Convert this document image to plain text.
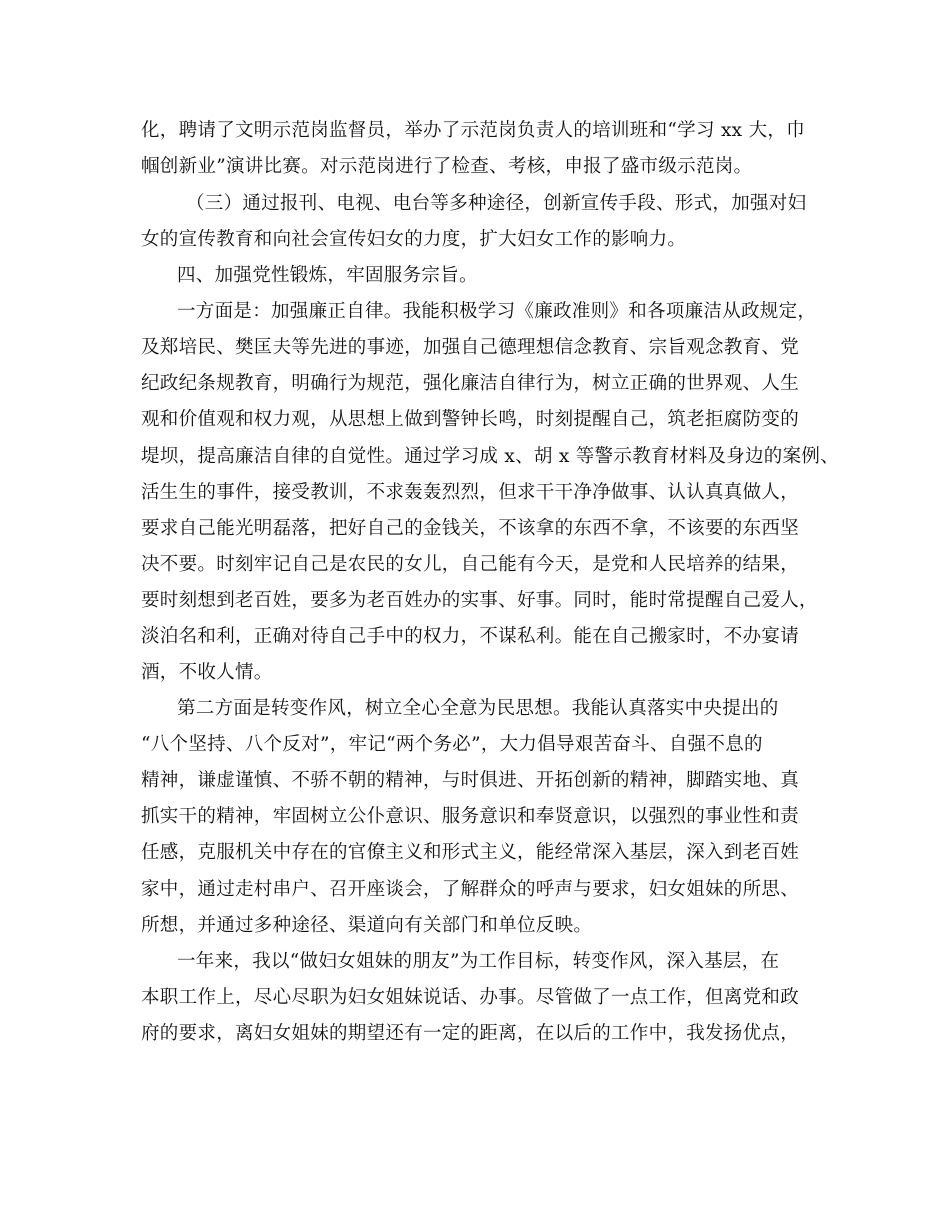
化，聘请了文明示范岗监督员，举办了示范岗负责人的培训班和“学习 xx 大，巾
帼创新业”演讲比赛。对示范岗进行了检查、考核，申报了盛市级示范岗。
（三）通过报刊、电视、电台等多种途径，创新宣传手段、形式，加强对妇
女的宣传教育和向社会宣传妇女的力度，扩大妇女工作的影响力。
四、加强党性锻炼，牢固服务宗旨。
一方面是：加强廉正自律。我能积极学习《廉政准则》和各项廉洁从政规定，
及郑培民、樊匡夫等先进的事迹，加强自己德理想信念教育、宗旨观念教育、党
纪政纪条规教育，明确行为规范，强化廉洁自律行为，树立正确的世界观、人生
观和价值观和权力观，从思想上做到警钟长鸣，时刻提醒自己，筑老拒腐防变的
堤坝，提高廉洁自律的自觉性。通过学习成 x、胡 x 等警示教育材料及身边的案例、
活生生的事件，接受教训，不求轰轰烈烈，但求干干净净做事、认认真真做人，
要求自己能光明磊落，把好自己的金钱关，不该拿的东西不拿，不该要的东西坚
决不要。时刻牢记自己是农民的女儿，自己能有今天，是党和人民培养的结果，
要时刻想到老百姓，要多为老百姓办的实事、好事。同时，能时常提醒自己爱人，
淡泊名和利，正确对待自己手中的权力，不谋私利。能在自己搬家时，不办宴请
酒，不收人情。
第二方面是转变作风，树立全心全意为民思想。我能认真落实中央提出的
“八个坚持、八个反对”，牢记“两个务必”，大力倡导艰苦奋斗、自强不息的
精神，谦虚谨慎、不骄不朝的精神，与时俱进、开拓创新的精神，脚踏实地、真
抓实干的精神，牢固树立公仆意识、服务意识和奉贤意识，以强烈的事业性和责
任感，克服机关中存在的官僚主义和形式主义，能经常深入基层，深入到老百姓
家中，通过走村串户、召开座谈会，了解群众的呼声与要求，妇女姐妹的所思、
所想，并通过多种途径、渠道向有关部门和单位反映。
一年来，我以“做妇女姐妹的朋友”为工作目标，转变作风，深入基层，在
本职工作上，尽心尽职为妇女姐妹说话、办事。尽管做了一点工作，但离党和政
府的要求，离妇女姐妹的期望还有一定的距离，在以后的工作中，我发扬优点，
